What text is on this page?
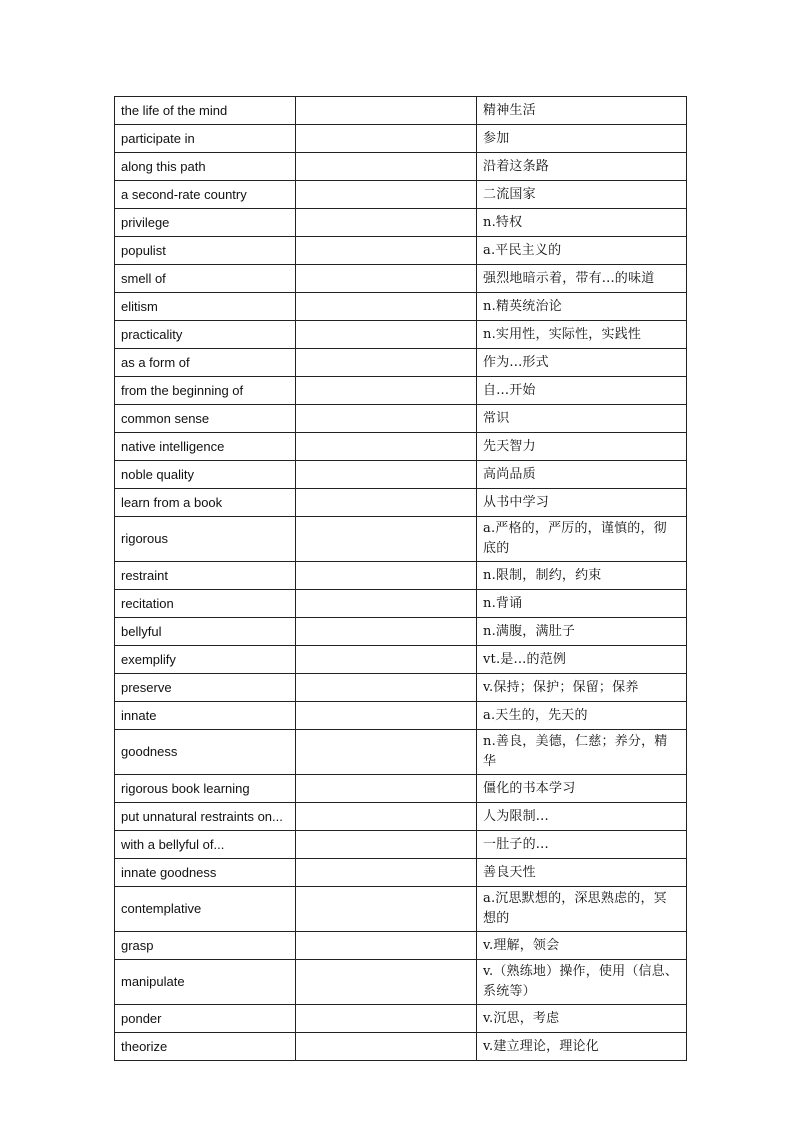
the life of the mind		精神生活
participate in		参加
along this path		沿着这条路
a second-rate country		二流国家
privilege		n.特权
populist		a.平民主义的
smell of		强烈地暗示着，带有...的味道
elitism		n.精英统治论
practicality		n.实用性，实际性，实践性
as a form of		作为...形式
from the beginning of		自...开始
common sense		常识
native intelligence		先天智力
noble quality		高尚品质
learn from a book		从书中学习
rigorous		a.严格的，严厉的，谨慎的，彻底的
restraint		n.限制，制约，约束
recitation		n.背诵
bellyful		n.满腹，满肚子
exemplify		vt.是...的范例
preserve		v.保持；保护；保留；保养
innate		a.天生的，先天的
goodness		n.善良，美德，仁慈；养分，精华
rigorous book learning		僵化的书本学习
put unnatural restraints on...		人为限制...
with a bellyful of...		一肚子的...
innate goodness		善良天性
contemplative		a.沉思默想的，深思熟虑的，冥想的
grasp		v.理解，领会
manipulate		v.（熟练地）操作，使用（信息、系统等）
ponder		v.沉思，考虑
theorize		v.建立理论，理论化
